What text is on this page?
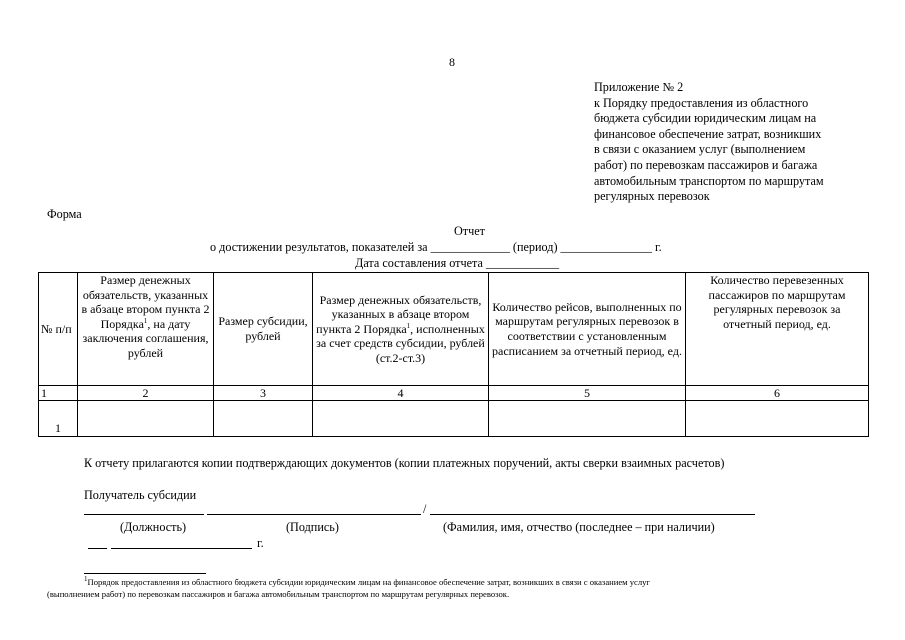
8
Приложение № 2
к Порядку предоставления из областного
бюджета субсидии юридическим лицам на
финансовое обеспечение затрат, возникших
в связи с оказанием услуг (выполнением
работ) по перевозкам пассажиров и багажа
автомобильным транспортом по маршрутам
регулярных перевозок
Форма
Отчет
о достижении результатов, показателей за _____________ (период) _______________ г.
Дата составления отчета ____________
№ п/п	Размер денежных обязательств, указанных в абзаце втором пункта 2 Порядка$^1$, на дату заключения соглашения, рублей	Размер субсидии, рублей	Размер денежных обязательств, указанных в абзаце втором пункта 2 Порядка$^1$, исполненных за счет средств субсидии, рублей (ст.2-ст.3)	Количество рейсов, выполненных по маршрутам регулярных перевозок в соответствии с установленным расписанием за отчетный период, ед.	Количество перевезенных пассажиров по маршрутам регулярных перевозок за отчетный период, ед.
1	2	3	4	5	6
1					
К отчету прилагаются копии подтверждающих документов (копии платежных поручений, акты сверки взаимных расчетов)
Получатель субсидии
/
(Должность)	(Подпись)	(Фамилия, имя, отчество (последнее – при наличии)
г.
$^1$Порядок предоставления из областного бюджета субсидии юридическим лицам на финансовое обеспечение затрат, возникших в связи с оказанием услуг
(выполнением работ) по перевозкам пассажиров и багажа автомобильным транспортом по маршрутам регулярных перевозок.
